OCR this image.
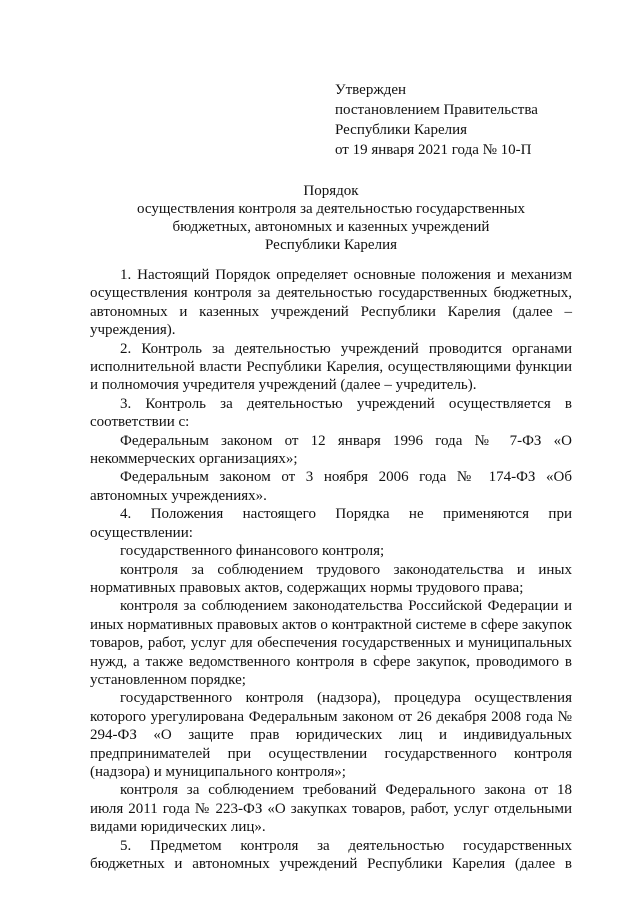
Утвержден
постановлением Правительства
Республики Карелия
от 19 января 2021 года № 10-П
Порядок
осуществления контроля за деятельностью государственных
бюджетных, автономных и казенных учреждений
Республики Карелия

1. Настоящий Порядок определяет основные положения и механизм осуществления контроля за деятельностью государственных бюджетных, автономных и казенных учреждений Республики Карелия (далее – учреждения).

2. Контроль за деятельностью учреждений проводится органами исполнительной власти Республики Карелия, осуществляющими функции и полномочия учредителя учреждений (далее – учредитель).

3. Контроль за деятельностью учреждений осуществляется в соответствии с:

Федеральным законом от 12 января 1996 года № 7-ФЗ «О некоммерческих организациях»;

Федеральным законом от 3 ноября 2006 года № 174-ФЗ «Об автономных учреждениях».

4. Положения настоящего Порядка не применяются при осуществлении:

государственного финансового контроля;

контроля за соблюдением трудового законодательства и иных нормативных правовых актов, содержащих нормы трудового права;

контроля за соблюдением законодательства Российской Федерации и иных нормативных правовых актов о контрактной системе в сфере закупок товаров, работ, услуг для обеспечения государственных и муниципальных нужд, а также ведомственного контроля в сфере закупок, проводимого в установленном порядке;

государственного контроля (надзора), процедура осуществления которого урегулирована Федеральным законом от 26 декабря 2008 года № 294-ФЗ «О защите прав юридических лиц и индивидуальных предпринимателей при осуществлении государственного контроля (надзора) и муниципального контроля»;

контроля за соблюдением требований Федерального закона от 18 июля 2011 года № 223-ФЗ «О закупках товаров, работ, услуг отдельными видами юридических лиц».

5. Предметом контроля за деятельностью государственных бюджетных и автономных учреждений Республики Карелия (далее в
